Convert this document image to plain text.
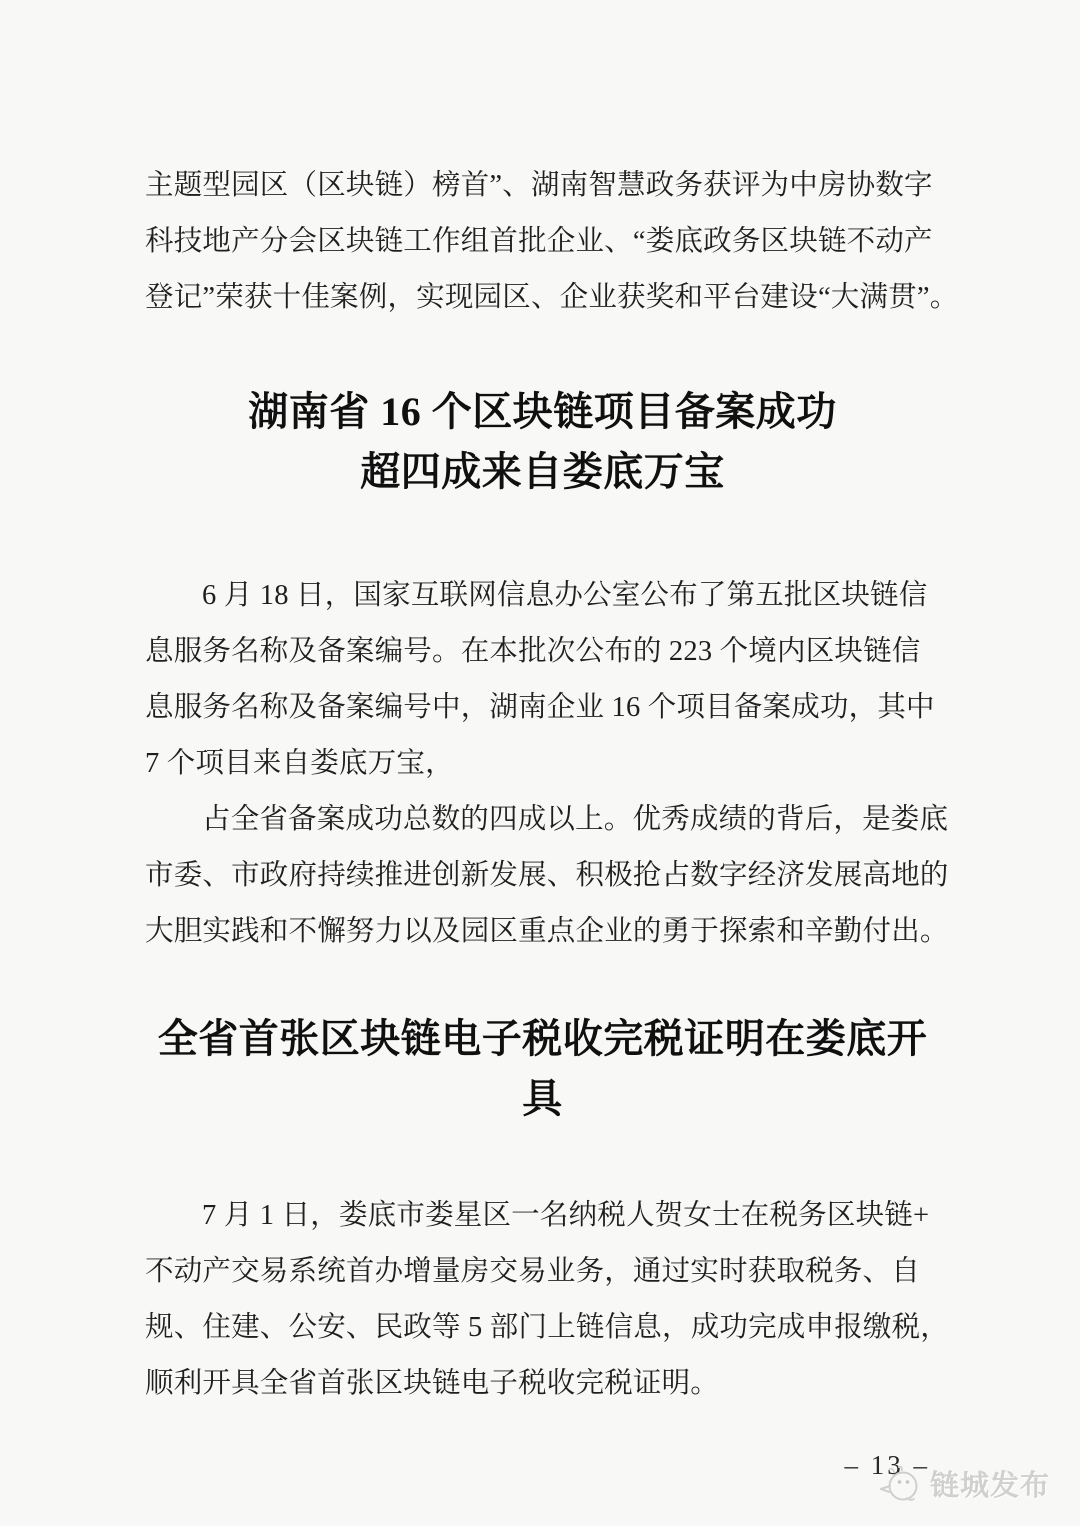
主题型园区（区块链）榜首”、湖南智慧政务获评为中房协数字
科技地产分会区块链工作组首批企业、“娄底政务区块链不动产
登记”荣获十佳案例，实现园区、企业获奖和平台建设“大满贯”。
湖南省 16 个区块链项目备案成功
超四成来自娄底万宝
6 月 18 日，国家互联网信息办公室公布了第五批区块链信
息服务名称及备案编号。在本批次公布的 223 个境内区块链信
息服务名称及备案编号中，湖南企业 16 个项目备案成功，其中
7 个项目来自娄底万宝，
占全省备案成功总数的四成以上。优秀成绩的背后，是娄底
市委、市政府持续推进创新发展、积极抢占数字经济发展高地的
大胆实践和不懈努力以及园区重点企业的勇于探索和辛勤付出。
全省首张区块链电子税收完税证明在娄底开具
7 月 1 日，娄底市娄星区一名纳税人贺女士在税务区块链+
不动产交易系统首办增量房交易业务，通过实时获取税务、自
规、住建、公安、民政等 5 部门上链信息，成功完成申报缴税，
顺利开具全省首张区块链电子税收完税证明。
– 13 –
链城发布
